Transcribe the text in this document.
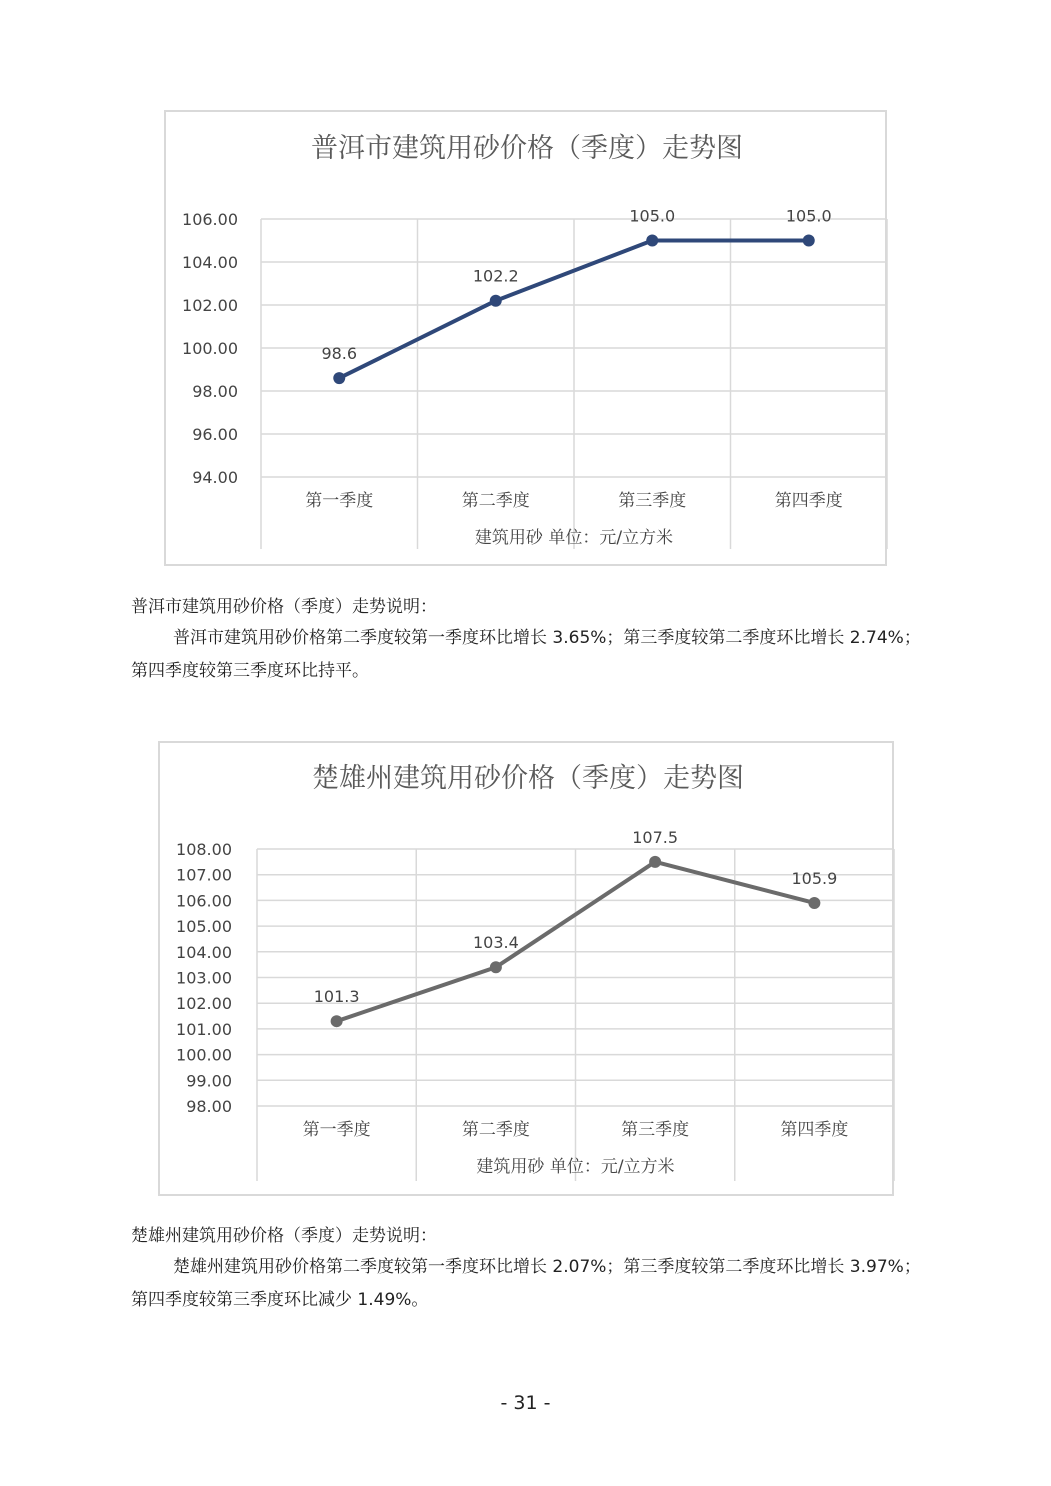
普洱市建筑用砂价格（季度）走势图
94.00
96.00
98.00
100.00
102.00
104.00
106.00
第一季度	第二季度	第三季度	第四季度
建筑用砂 单位：元/立方米
98.6
102.2
105.0	105.0

普洱市建筑用砂价格（季度）走势说明：

普洱市建筑用砂价格第二季度较第一季度环比增长 3.65%；第三季度较第二季度环比增长 2.74%；第四季度较第三季度环比持平。

楚雄州建筑用砂价格（季度）走势图
98.00
99.00
100.00
101.00
102.00
103.00
104.00
105.00
106.00
107.00
108.00
第一季度	第二季度	第三季度	第四季度
建筑用砂 单位：元/立方米
101.3
103.4
107.5
105.9

楚雄州建筑用砂价格（季度）走势说明：

楚雄州建筑用砂价格第二季度较第一季度环比增长 2.07%；第三季度较第二季度环比增长 3.97%；第四季度较第三季度环比减少 1.49%。

- 31 -
